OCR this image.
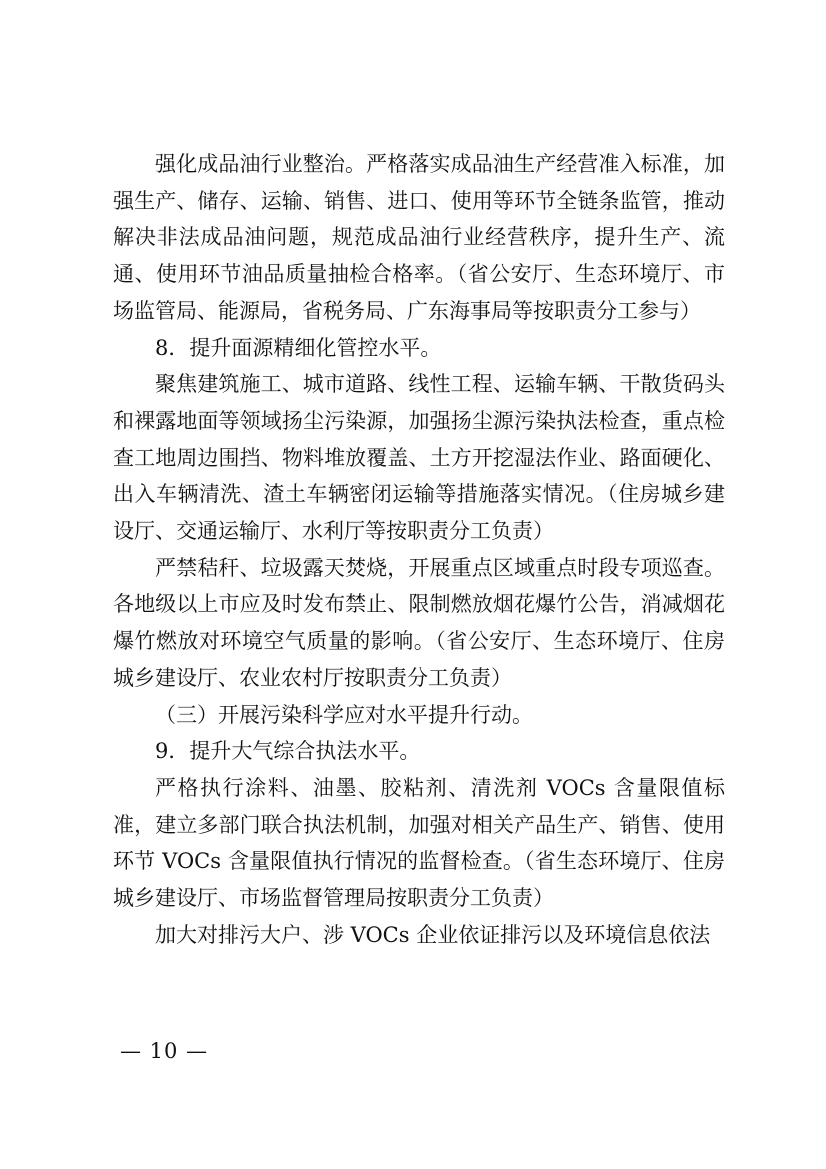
强化成品油行业整治。严格落实成品油生产经营准入标准，加强生产、储存、运输、销售、进口、使用等环节全链条监管，推动解决非法成品油问题，规范成品油行业经营秩序，提升生产、流通、使用环节油品质量抽检合格率。（省公安厅、生态环境厅、市场监管局、能源局，省税务局、广东海事局等按职责分工参与）

8．提升面源精细化管控水平。

聚焦建筑施工、城市道路、线性工程、运输车辆、干散货码头和裸露地面等领域扬尘污染源，加强扬尘源污染执法检查，重点检查工地周边围挡、物料堆放覆盖、土方开挖湿法作业、路面硬化、出入车辆清洗、渣土车辆密闭运输等措施落实情况。（住房城乡建设厅、交通运输厅、水利厅等按职责分工负责）

严禁秸秆、垃圾露天焚烧，开展重点区域重点时段专项巡查。各地级以上市应及时发布禁止、限制燃放烟花爆竹公告，消减烟花爆竹燃放对环境空气质量的影响。（省公安厅、生态环境厅、住房城乡建设厅、农业农村厅按职责分工负责）

（三）开展污染科学应对水平提升行动。

9．提升大气综合执法水平。

严格执行涂料、油墨、胶粘剂、清洗剂 VOCs 含量限值标准，建立多部门联合执法机制，加强对相关产品生产、销售、使用环节 VOCs 含量限值执行情况的监督检查。（省生态环境厅、住房城乡建设厅、市场监督管理局按职责分工负责）

加大对排污大户、涉 VOCs 企业依证排污以及环境信息依法

— 10 —
